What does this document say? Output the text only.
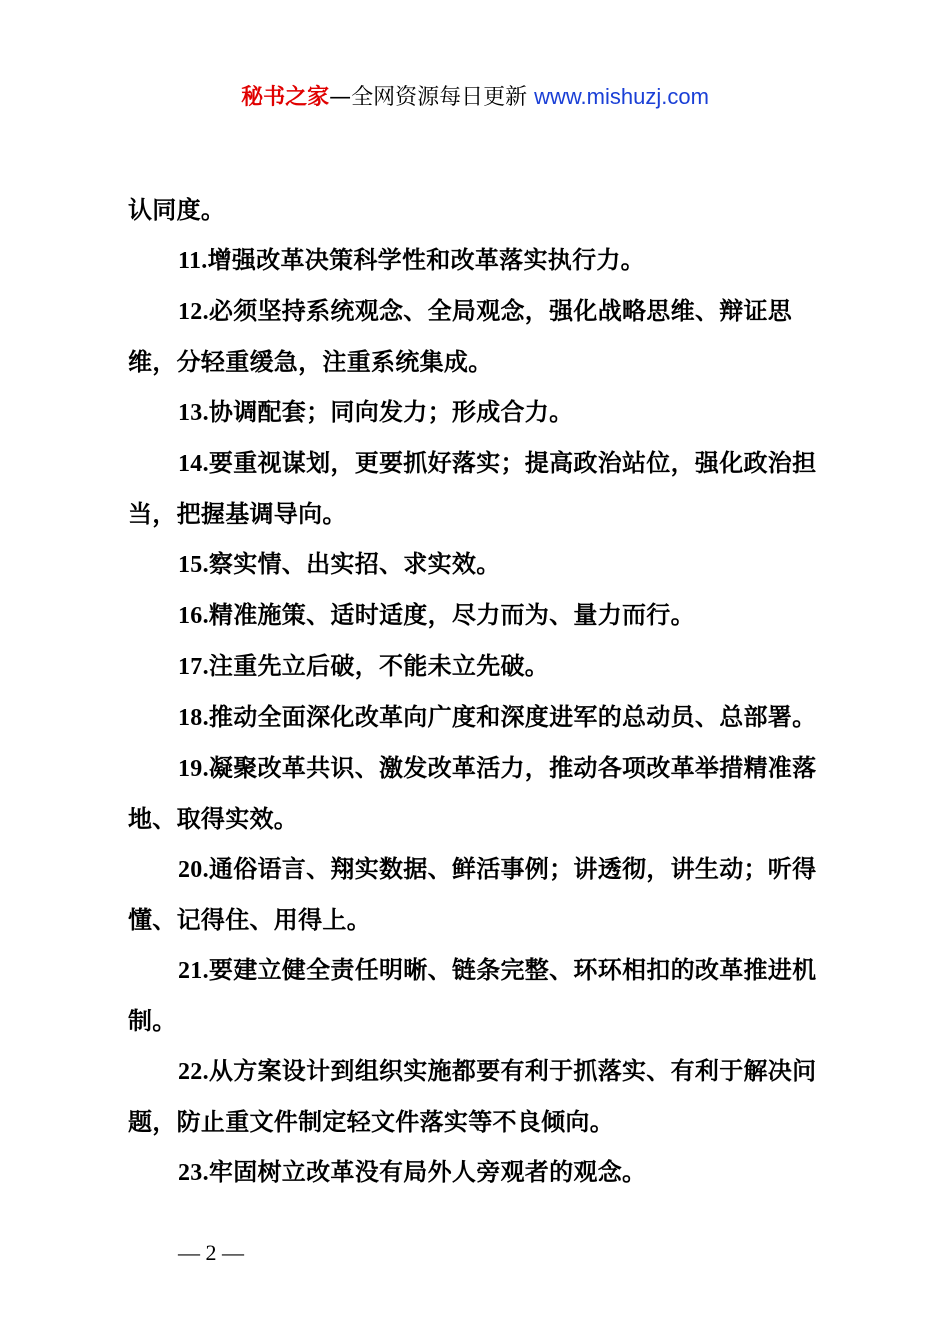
秘书之家—全网资源每日更新 www.mishuzj.com

认同度。

11.增强改革决策科学性和改革落实执行力。

12.必须坚持系统观念、全局观念，强化战略思维、辩证思维，分轻重缓急，注重系统集成。

13.协调配套；同向发力；形成合力。

14.要重视谋划，更要抓好落实；提高政治站位，强化政治担当，把握基调导向。

15.察实情、出实招、求实效。

16.精准施策、适时适度，尽力而为、量力而行。

17.注重先立后破，不能未立先破。

18.推动全面深化改革向广度和深度进军的总动员、总部署。

19.凝聚改革共识、激发改革活力，推动各项改革举措精准落地、取得实效。

20.通俗语言、翔实数据、鲜活事例；讲透彻，讲生动；听得懂、记得住、用得上。

21.要建立健全责任明晰、链条完整、环环相扣的改革推进机制。

22.从方案设计到组织实施都要有利于抓落实、有利于解决问题，防止重文件制定轻文件落实等不良倾向。

23.牢固树立改革没有局外人旁观者的观念。

— 2 —
